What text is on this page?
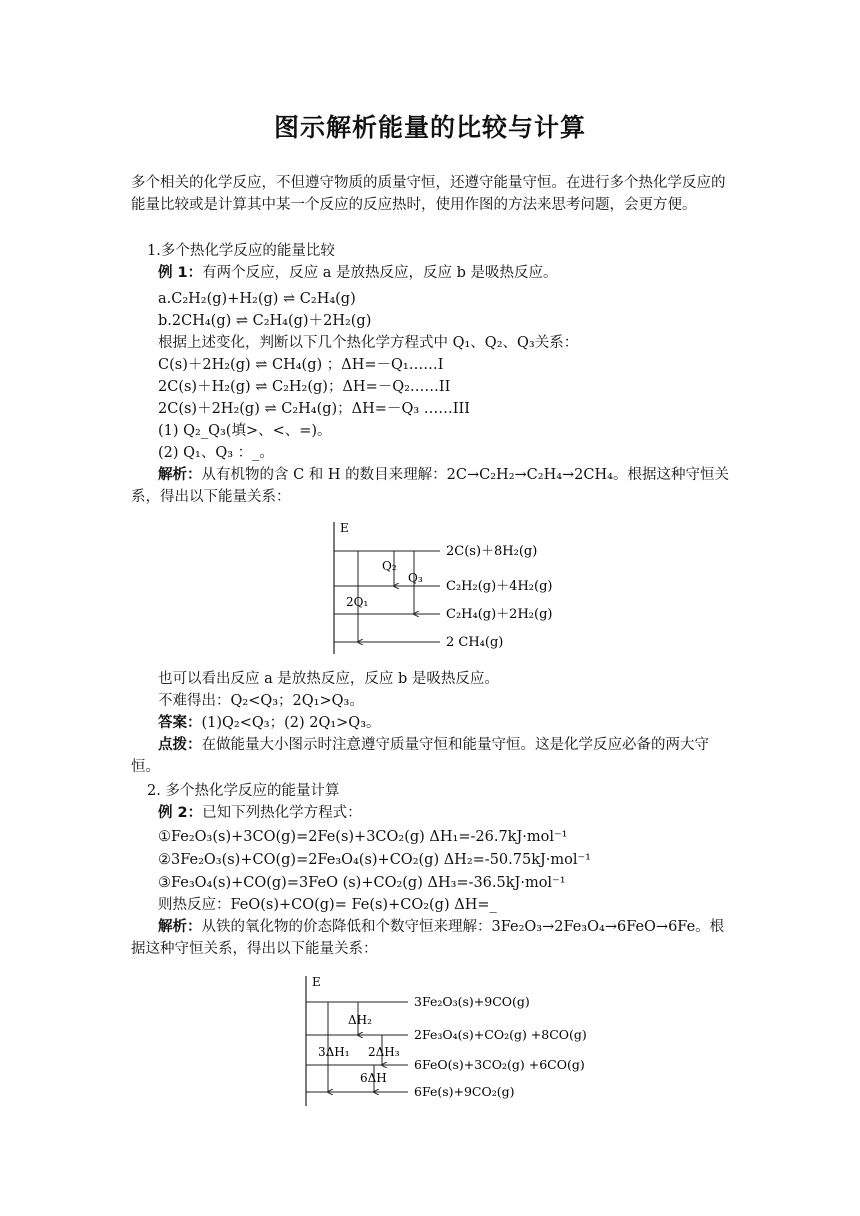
图示解析能量的比较与计算
多个相关的化学反应，不但遵守物质的质量守恒，还遵守能量守恒。在进行多个热化学反应的能量比较或是计算其中某一个反应的反应热时，使用作图的方法来思考问题，会更方便。
1.多个热化学反应的能量比较
例 1：有两个反应，反应 a 是放热反应，反应 b 是吸热反应。
a.C₂H₂(g)+H₂(g) ⇌ C₂H₄(g)
b.2CH₄(g) ⇌ C₂H₄(g)＋2H₂(g)
根据上述变化，判断以下几个热化学方程式中 Q₁、Q₂、Q₃关系：
C(s)＋2H₂(g) ⇌ CH₄(g) ；ΔH=－Q₁……I
2C(s)＋H₂(g) ⇌ C₂H₂(g)；ΔH=－Q₂……II
2C(s)＋2H₂(g) ⇌ C₂H₄(g)；ΔH=－Q₃ ……III
(1) Q₂_Q₃(填>、<、=)。
(2) Q₁、Q₃ ：_。
解析：从有机物的含 C 和 H 的数目来理解：2C→C₂H₂→C₂H₄→2CH₄。根据这种守恒关系，得出以下能量关系：
E
2C(s)＋8H₂(g)
C₂H₂(g)＋4H₂(g)
C₂H₄(g)＋2H₂(g)
2 CH₄(g)
Q₂
Q₃
2Q₁
也可以看出反应 a 是放热反应，反应 b 是吸热反应。
不难得出：Q₂<Q₃；2Q₁>Q₃。
答案：(1)Q₂<Q₃；(2) 2Q₁>Q₃。
点拨：在做能量大小图示时注意遵守质量守恒和能量守恒。这是化学反应必备的两大守恒。
2. 多个热化学反应的能量计算
例 2：已知下列热化学方程式：
①Fe₂O₃(s)+3CO(g)=2Fe(s)+3CO₂(g) ΔH₁=-26.7kJ·mol⁻¹
②3Fe₂O₃(s)+CO(g)=2Fe₃O₄(s)+CO₂(g) ΔH₂=-50.75kJ·mol⁻¹
③Fe₃O₄(s)+CO(g)=3FeO (s)+CO₂(g) ΔH₃=-36.5kJ·mol⁻¹
则热反应：FeO(s)+CO(g)= Fe(s)+CO₂(g) ΔH=_
解析：从铁的氧化物的价态降低和个数守恒来理解：3Fe₂O₃→2Fe₃O₄→6FeO→6Fe。根据这种守恒关系，得出以下能量关系：
E
3Fe₂O₃(s)+9CO(g)
2Fe₃O₄(s)+CO₂(g) +8CO(g)
6FeO(s)+3CO₂(g) +6CO(g)
6Fe(s)+9CO₂(g)
ΔH₂
3ΔH₁ 2ΔH₃
6ΔH
